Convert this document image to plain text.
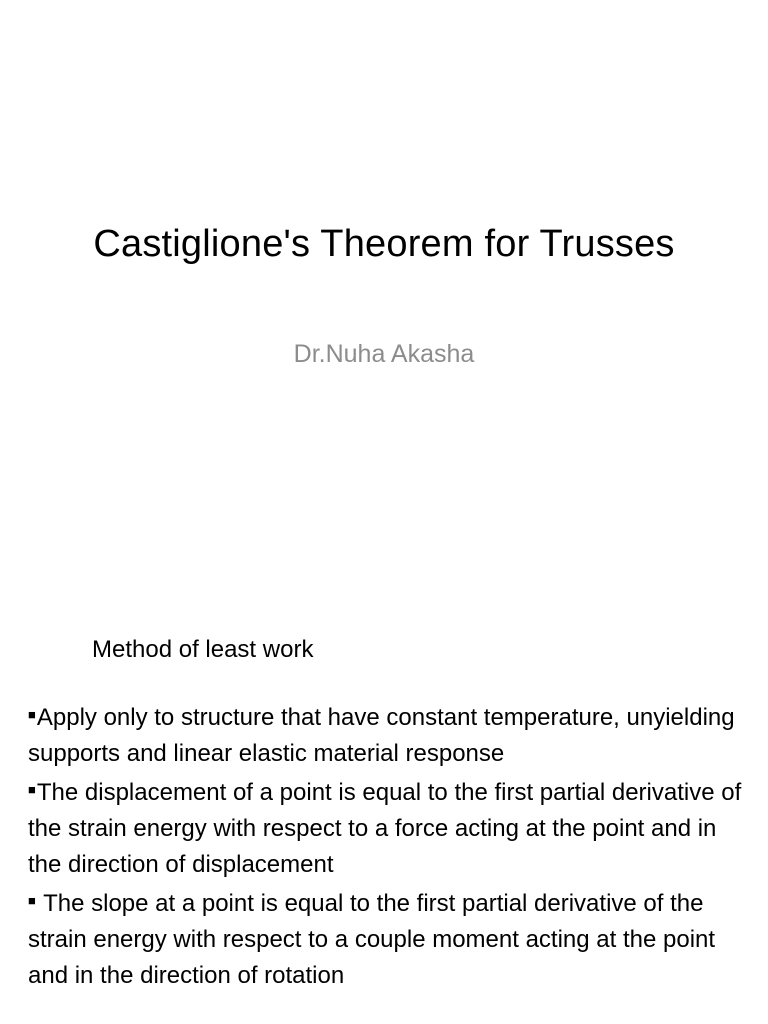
Castiglione's Theorem for Trusses

Dr.Nuha Akasha

Method of least work

■Apply only to structure that have constant temperature, unyielding supports and linear elastic material response
■The displacement of a point is equal to the first partial derivative of the strain energy with respect to a force acting at the point and in the direction of displacement
■ The slope at a point is equal to the first partial derivative of the strain energy with respect to a couple moment acting at the point and in the direction of rotation
